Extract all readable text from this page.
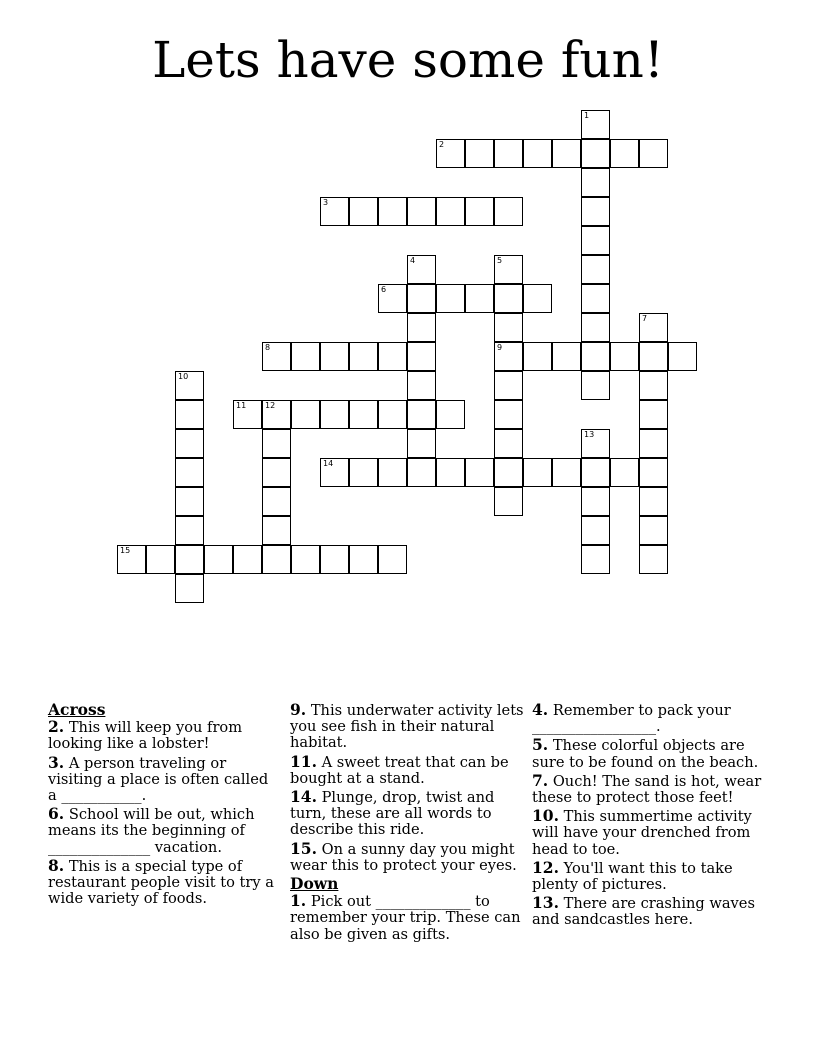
Lets have some fun!
2
3
6
8	9
11 12
14
15
1
4	5
7
10
13

Across

2. This will keep you from looking like a lobster!

3. A person traveling or visiting a place is often called a ___________.

6. School will be out, which means its the beginning of ______________ vacation.

8. This is a special type of restaurant people visit to try a wide variety of foods.

9. This underwater activity lets you see fish in their natural habitat.

11. A sweet treat that can be bought at a stand.

14. Plunge, drop, twist and turn, these are all words to describe this ride.

15. On a sunny day you might wear this to protect your eyes.

Down

1. Pick out _____________ to remember your trip. These can also be given as gifts.

4. Remember to pack your _________________.

5. These colorful objects are sure to be found on the beach.

7. Ouch! The sand is hot, wear these to protect those feet!

10. This summertime activity will have your drenched from head to toe.

12. You'll want this to take plenty of pictures.

13. There are crashing waves and sandcastles here.
